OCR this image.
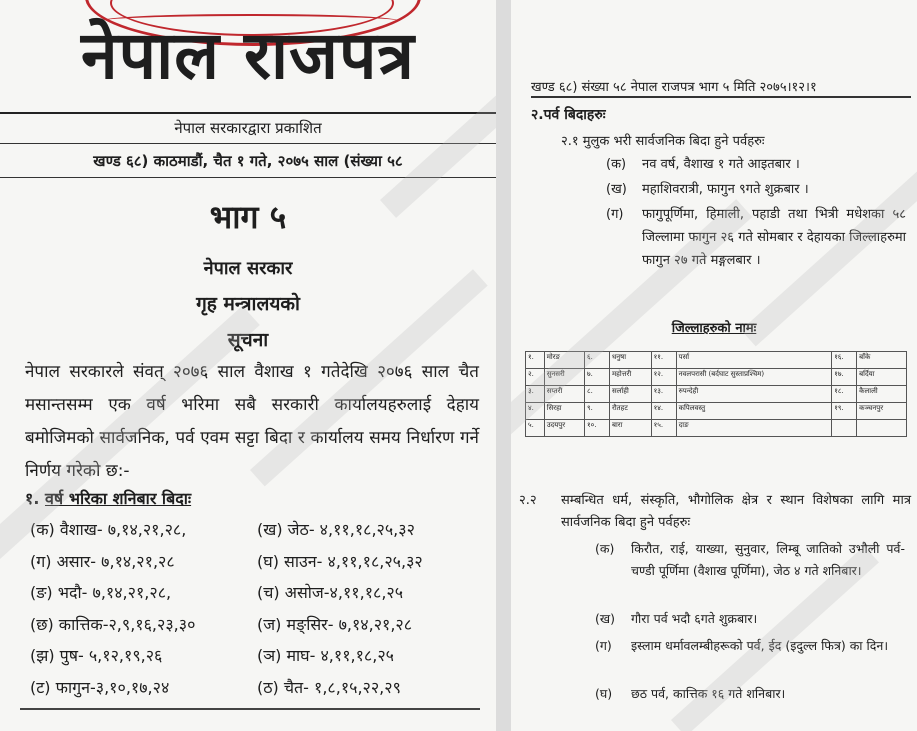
नेपाल राजपत्र
नेपाल सरकारद्वारा प्रकाशित
खण्ड ६८) काठमाडौं, चैत १ गते, २०७५ साल (संख्या ५८
भाग ५
नेपाल सरकार
गृह मन्त्रालयको
सूचना
नेपाल सरकारले संवत् २०७६ साल वैशाख १ गतेदेखि २०७६ साल चैत मसान्तसम्म एक वर्ष भरिमा सबै सरकारी कार्यालयहरुलाई देहाय बमोजिमको सार्वजनिक, पर्व एवम सट्टा बिदा र कार्यालय समय निर्धारण गर्ने निर्णय गरेको छ:-
१. वर्ष भरिका शनिबार बिदाः
(क) वैशाख- ७,१४,२१,२८,	(ख) जेठ- ४,११,१८,२५,३२
(ग) असार- ७,१४,२१,२८	(घ) साउन- ४,११,१८,२५,३२
(ङ) भदौ- ७,१४,२१,२८,	(च) असोज-४,११,१८,२५
(छ) कात्तिक-२,९,१६,२३,३०	(ज) मङ्सिर- ७,१४,२१,२८
(झ) पुष- ५,१२,१९,२६	(ञ) माघ- ४,११,१८,२५
(ट) फागुन-३,१०,१७,२४	(ठ) चैत- १,८,१५,२२,२९
खण्ड ६८) संख्या ५८ नेपाल राजपत्र भाग ५ मिति २०७५।१२।१
२.पर्व बिदाहरुः
२.१ मुलुक भरी सार्वजनिक बिदा हुने पर्वहरुः
(क) नव वर्ष, वैशाख १ गते आइतबार ।
(ख) महाशिवरात्री, फागुन ९गते शुक्रबार ।
(ग) फागुपूर्णिमा, हिमाली, पहाडी तथा भित्री मधेशका ५८ जिल्लामा फागुन २६ गते सोमबार र देहायका जिल्लाहरुमा फागुन २७ गते मङ्गलबार ।
जिल्लाहरुको नामः
१.	मोरङ	६.	धनुषा	११.	पर्सा	१६.	बाँके
२.	सुनसरी	७.	महोत्तरी	१२.	नवलपरासी (बर्दघाट सुस्ताप्रश्चिम)	१७.	बर्दिया
३.	सप्तरी	८.	सर्लाही	१३.	रुपन्देही	१८.	कैलाली
४.	सिरहा	९.	रौतहट	१४.	कपिलवस्तु	१९.	कञ्चनपुर
५.	उदयपुर	१०.	बारा	१५.	दाङ		
२.२ सम्बन्धित धर्म, संस्कृति, भौगोलिक क्षेत्र र स्थान विशेषका लागि मात्र सार्वजनिक बिदा हुने पर्वहरुः
(क) किरौत, राई, याख्या, सुनुवार, लिम्बू जातिको उभौली पर्व- चण्डी पूर्णिमा (वैशाख पूर्णिमा), जेठ ४ गते शनिबार।
(ख) गौरा पर्व भदौ ६गते शुक्रबार।
(ग) इस्लाम धर्मावलम्बीहरूको पर्व, ईद (इदुल्ल फित्र) का दिन।
(घ) छठ पर्व, कात्तिक १६ गते शनिबार।
